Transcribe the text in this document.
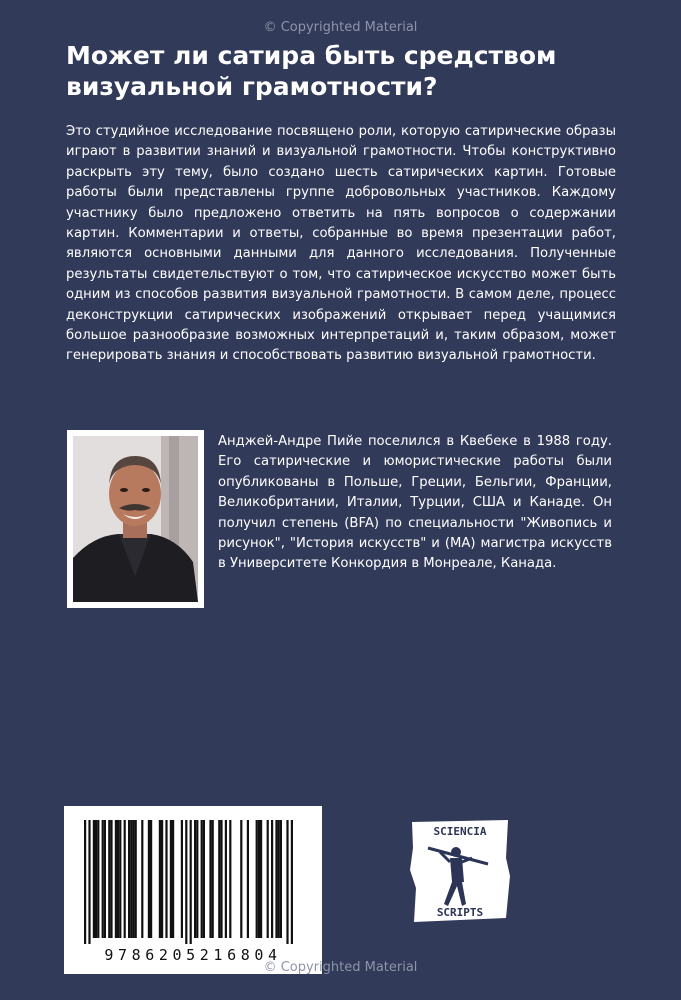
© Copyrighted Material
Может ли сатира быть средством визуальной грамотности?

Это студийное исследование посвящено роли, которую сатирические образы играют в развитии знаний и визуальной грамотности. Чтобы конструктивно раскрыть эту тему, было создано шесть сатирических картин. Готовые работы были представлены группе добровольных участников. Каждому участнику было предложено ответить на пять вопросов о содержании картин. Комментарии и ответы, собранные во время презентации работ, являются основными данными для данного исследования. Полученные результаты свидетельствуют о том, что сатирическое искусство может быть одним из способов развития визуальной грамотности. В самом деле, процесс деконструкции сатирических изображений открывает перед учащимися большое разнообразие возможных интерпретаций и, таким образом, может генерировать знания и способствовать развитию визуальной грамотности.

Анджей-Андре Пийе поселился в Квебеке в 1988 году. Его сатирические и юмористические работы были опубликованы в Польше, Греции, Бельгии, Франции, Великобритании, Италии, Турции, США и Канаде. Он получил степень (BFA) по специальности "Живопись и рисунок", "История искусств" и (MA) магистра искусств в Университете Конкордия в Монреале, Канада.

9786205216804
SCIENCIA
SCRIPTS
© Copyrighted Material
